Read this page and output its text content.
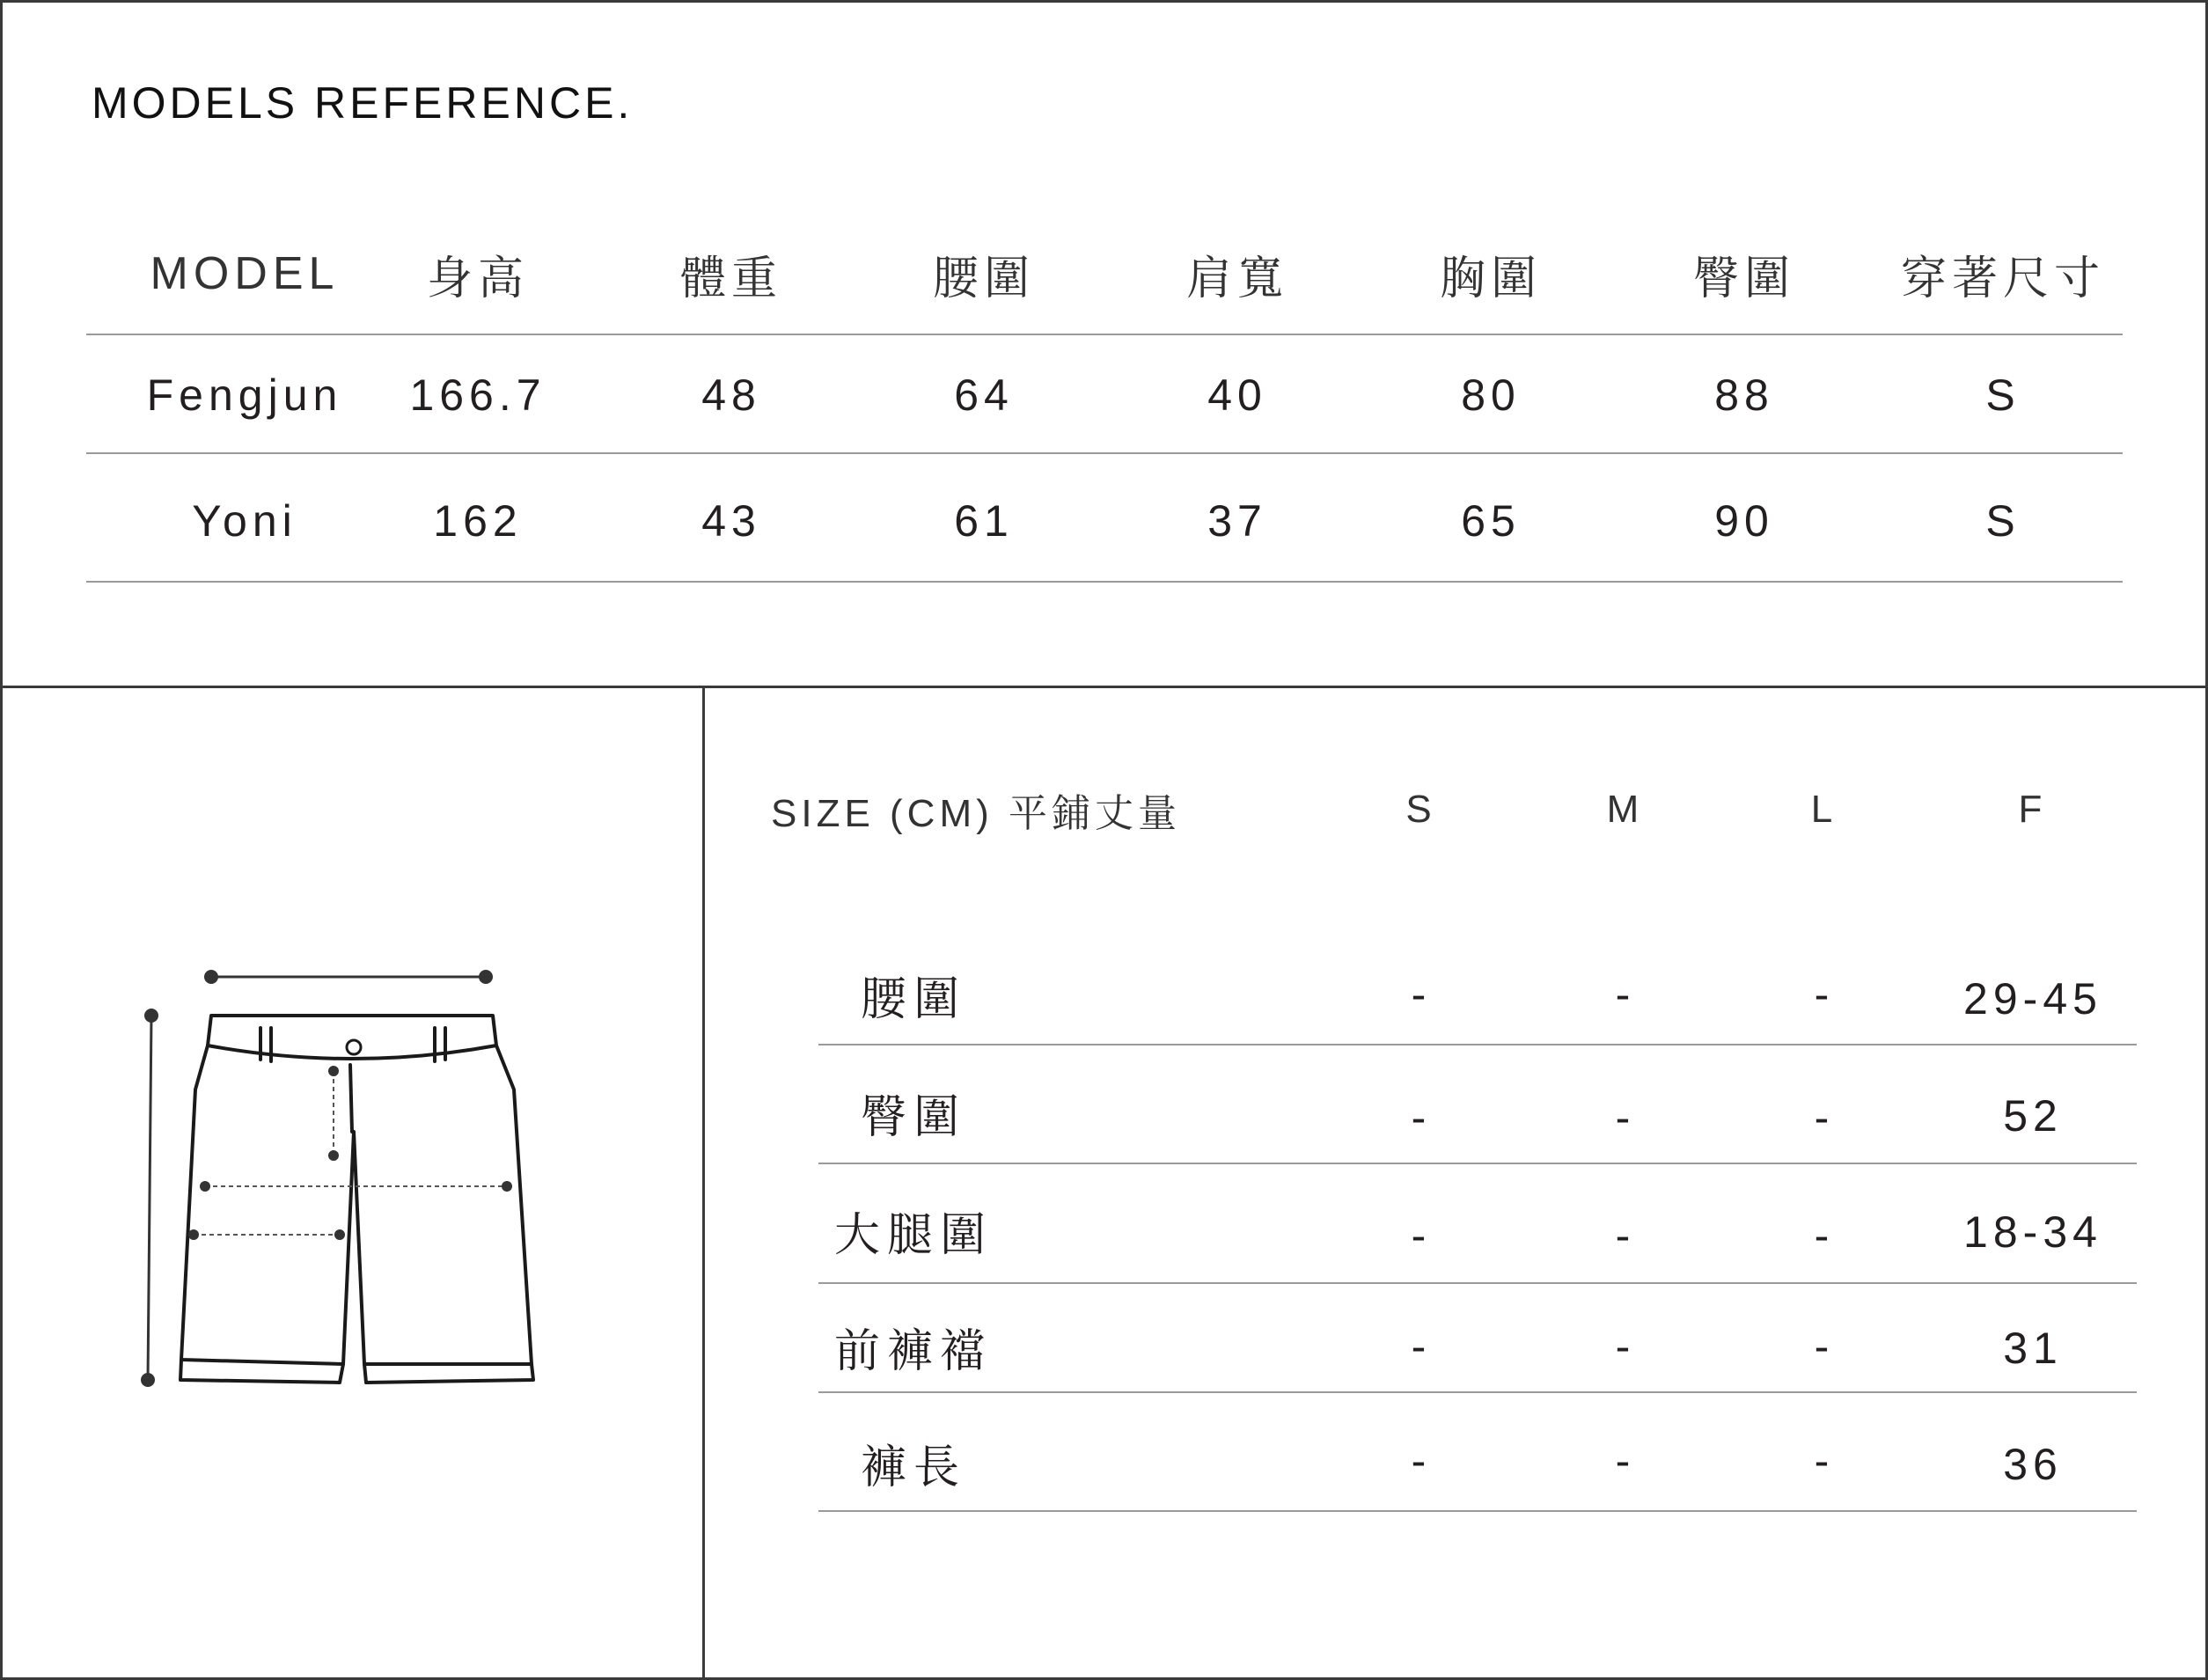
MODELS REFERENCE.
MODEL	身高	體重	腰圍	肩寬	胸圍	臀圍	穿著尺寸
Fengjun	166.7	48	64	40	80	88	S
Yoni	162	43	61	37	65	90	S
SIZE (CM) 平鋪丈量	S	M	L	F
腰圍	-	-	-	29-45
臀圍	-	-	-	52
大腿圍	-	-	-	18-34
前褲襠	-	-	-	31
褲長	-	-	-	36
